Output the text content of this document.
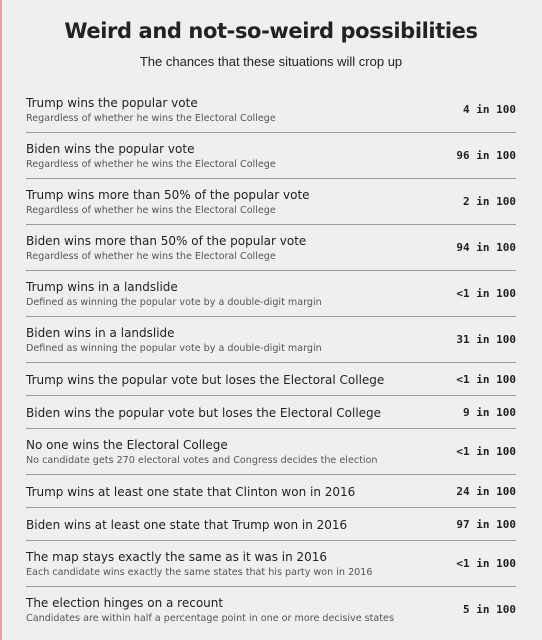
Weird and not-so-weird possibilities
The chances that these situations will crop up
Trump wins the popular vote
Regardless of whether he wins the Electoral College
4 in 100
Biden wins the popular vote
Regardless of whether he wins the Electoral College
96 in 100
Trump wins more than 50% of the popular vote
Regardless of whether he wins the Electoral College
2 in 100
Biden wins more than 50% of the popular vote
Regardless of whether he wins the Electoral College
94 in 100
Trump wins in a landslide
Defined as winning the popular vote by a double-digit margin
<1 in 100
Biden wins in a landslide
Defined as winning the popular vote by a double-digit margin
31 in 100
Trump wins the popular vote but loses the Electoral College	<1 in 100
Biden wins the popular vote but loses the Electoral College	9 in 100
No one wins the Electoral College
No candidate gets 270 electoral votes and Congress decides the election
<1 in 100
Trump wins at least one state that Clinton won in 2016	24 in 100
Biden wins at least one state that Trump won in 2016	97 in 100
The map stays exactly the same as it was in 2016
Each candidate wins exactly the same states that his party won in 2016
<1 in 100
The election hinges on a recount
Candidates are within half a percentage point in one or more decisive states
5 in 100
